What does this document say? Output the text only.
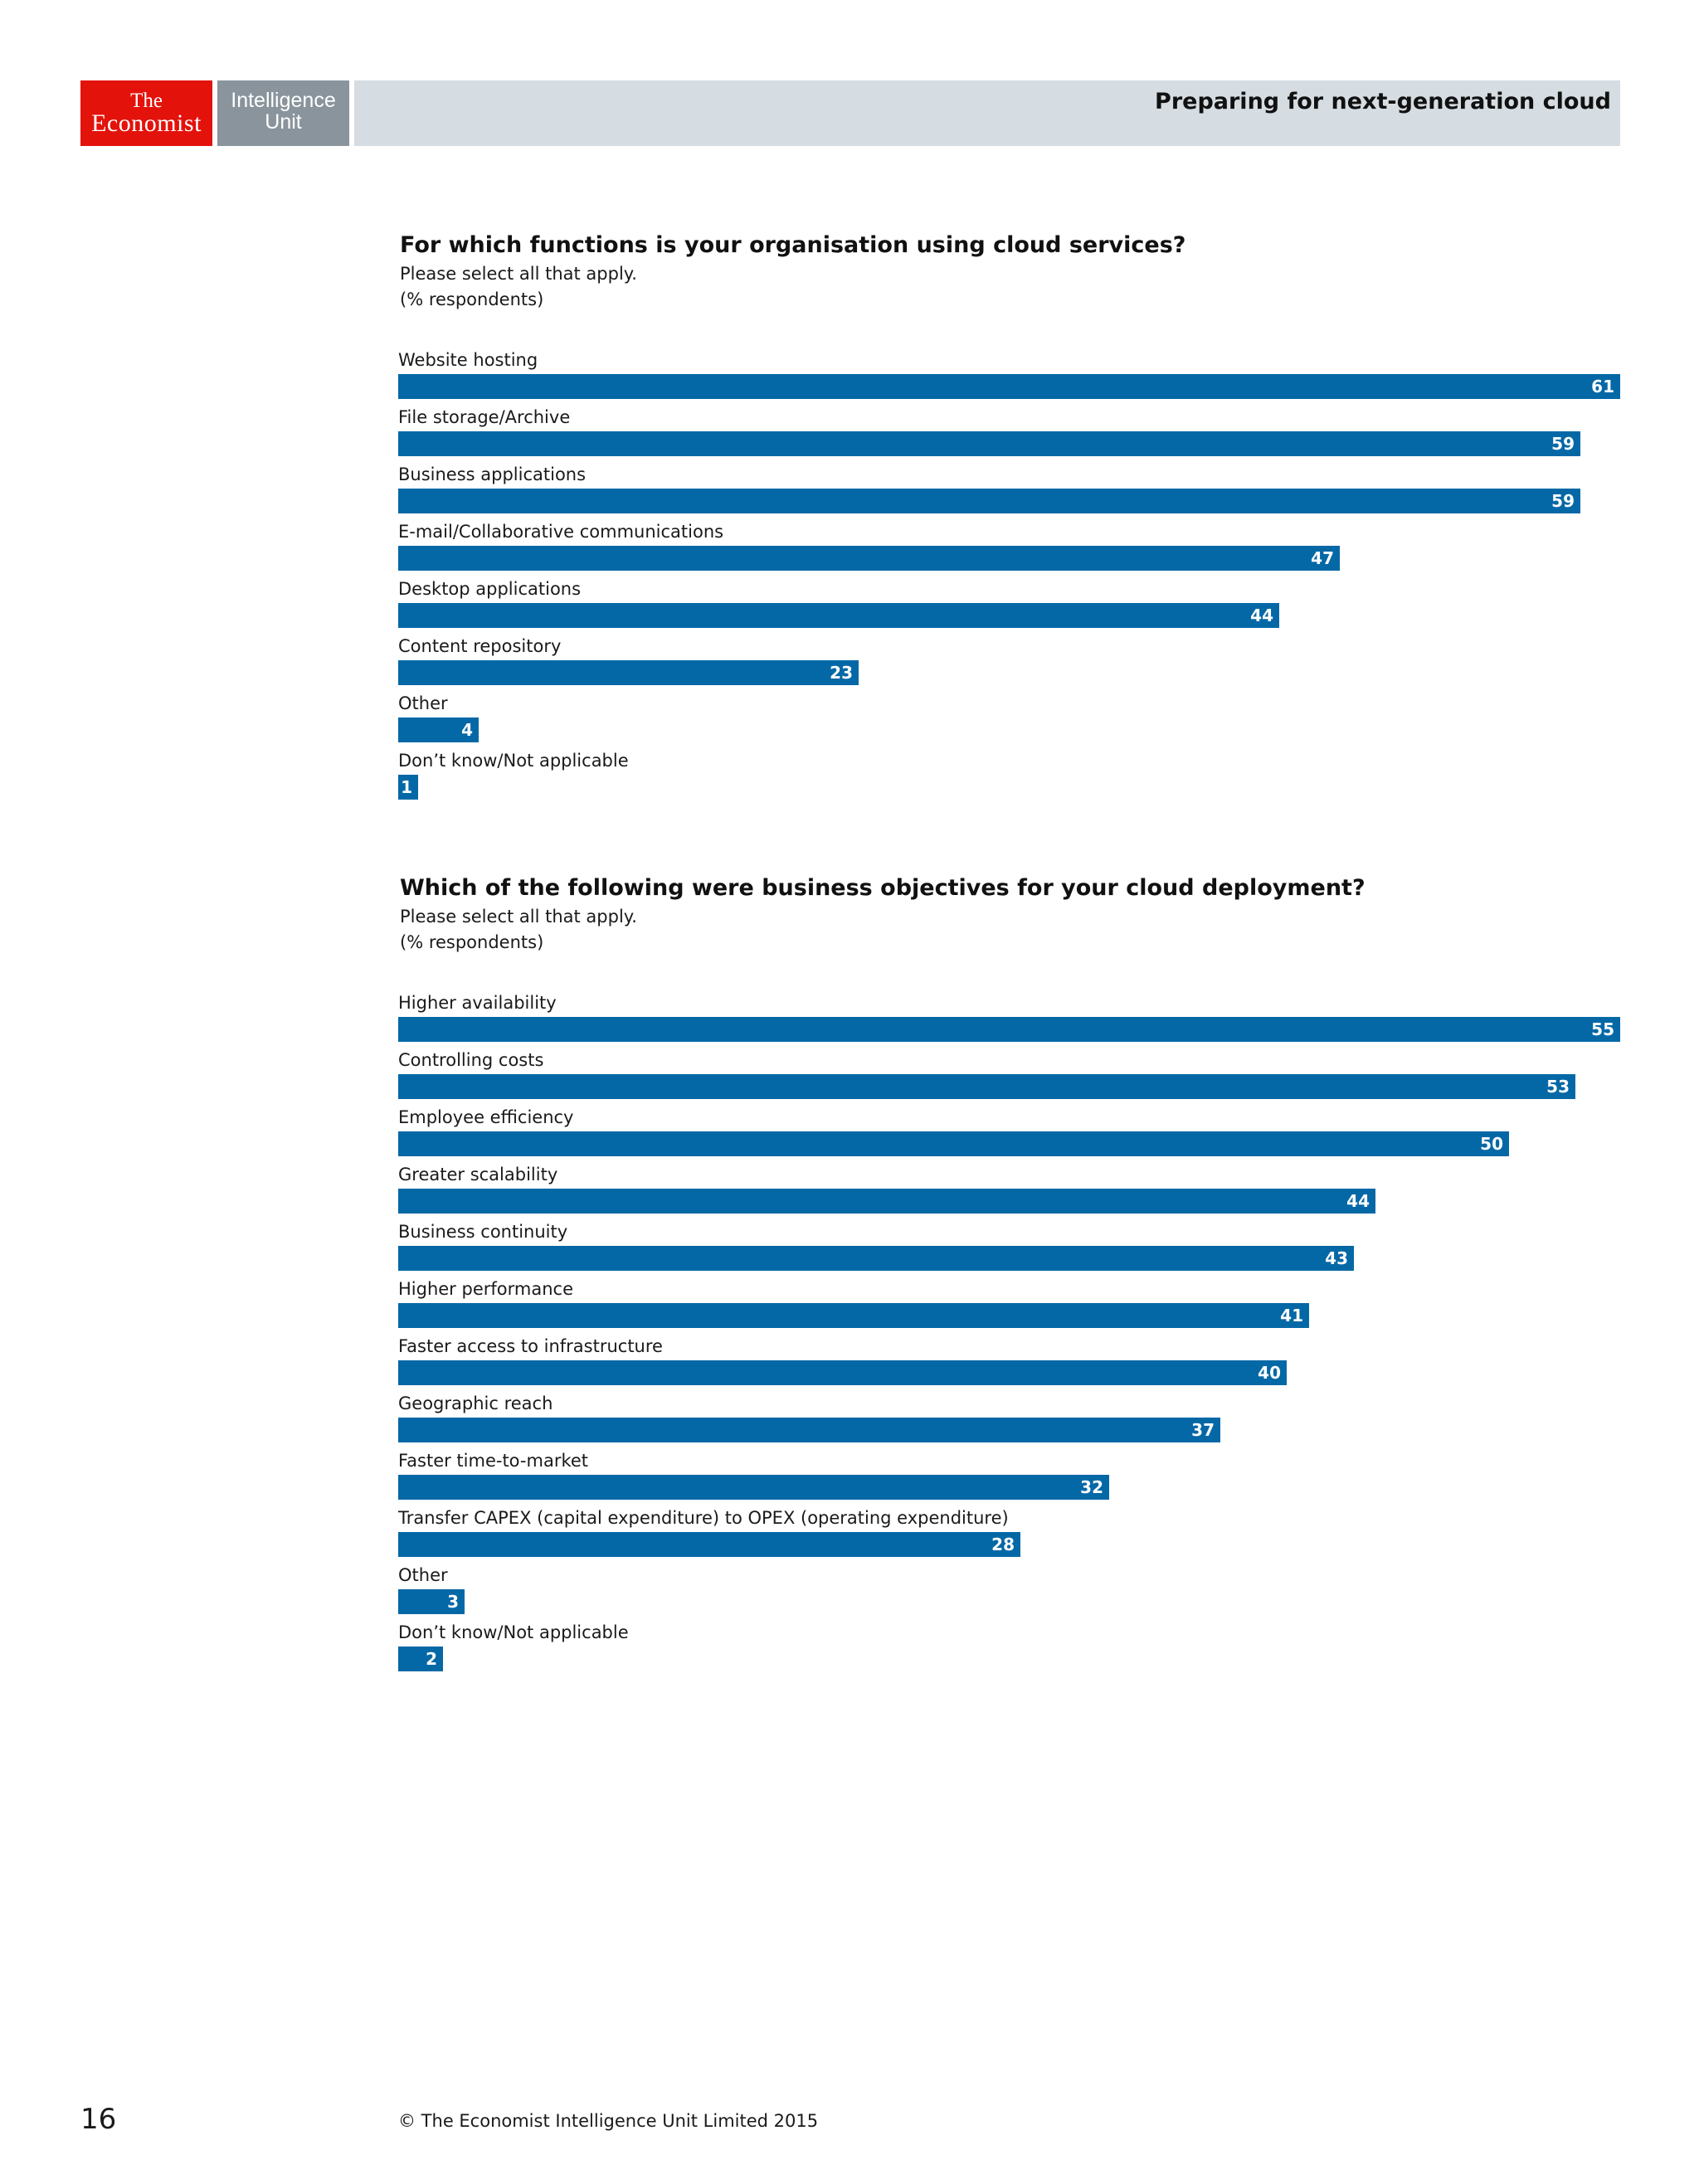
The
Economist
Intelligence
Unit
Preparing for next-generation cloud
For which functions is your organisation using cloud services?
Please select all that apply.
(% respondents)
Website hosting
61
File storage/Archive
59
Business applications
59
E-mail/Collaborative communications
47
Desktop applications
44
Content repository
23
Other
4
Don’t know/Not applicable
1
Which of the following were business objectives for your cloud deployment?
Please select all that apply.
(% respondents)
Higher availability
55
Controlling costs
53
Employee efficiency
50
Greater scalability
44
Business continuity
43
Higher performance
41
Faster access to infrastructure
40
Geographic reach
37
Faster time-to-market
32
Transfer CAPEX (capital expenditure) to OPEX (operating expenditure)
28
Other
3
Don’t know/Not applicable
2
16	© The Economist Intelligence Unit Limited 2015
